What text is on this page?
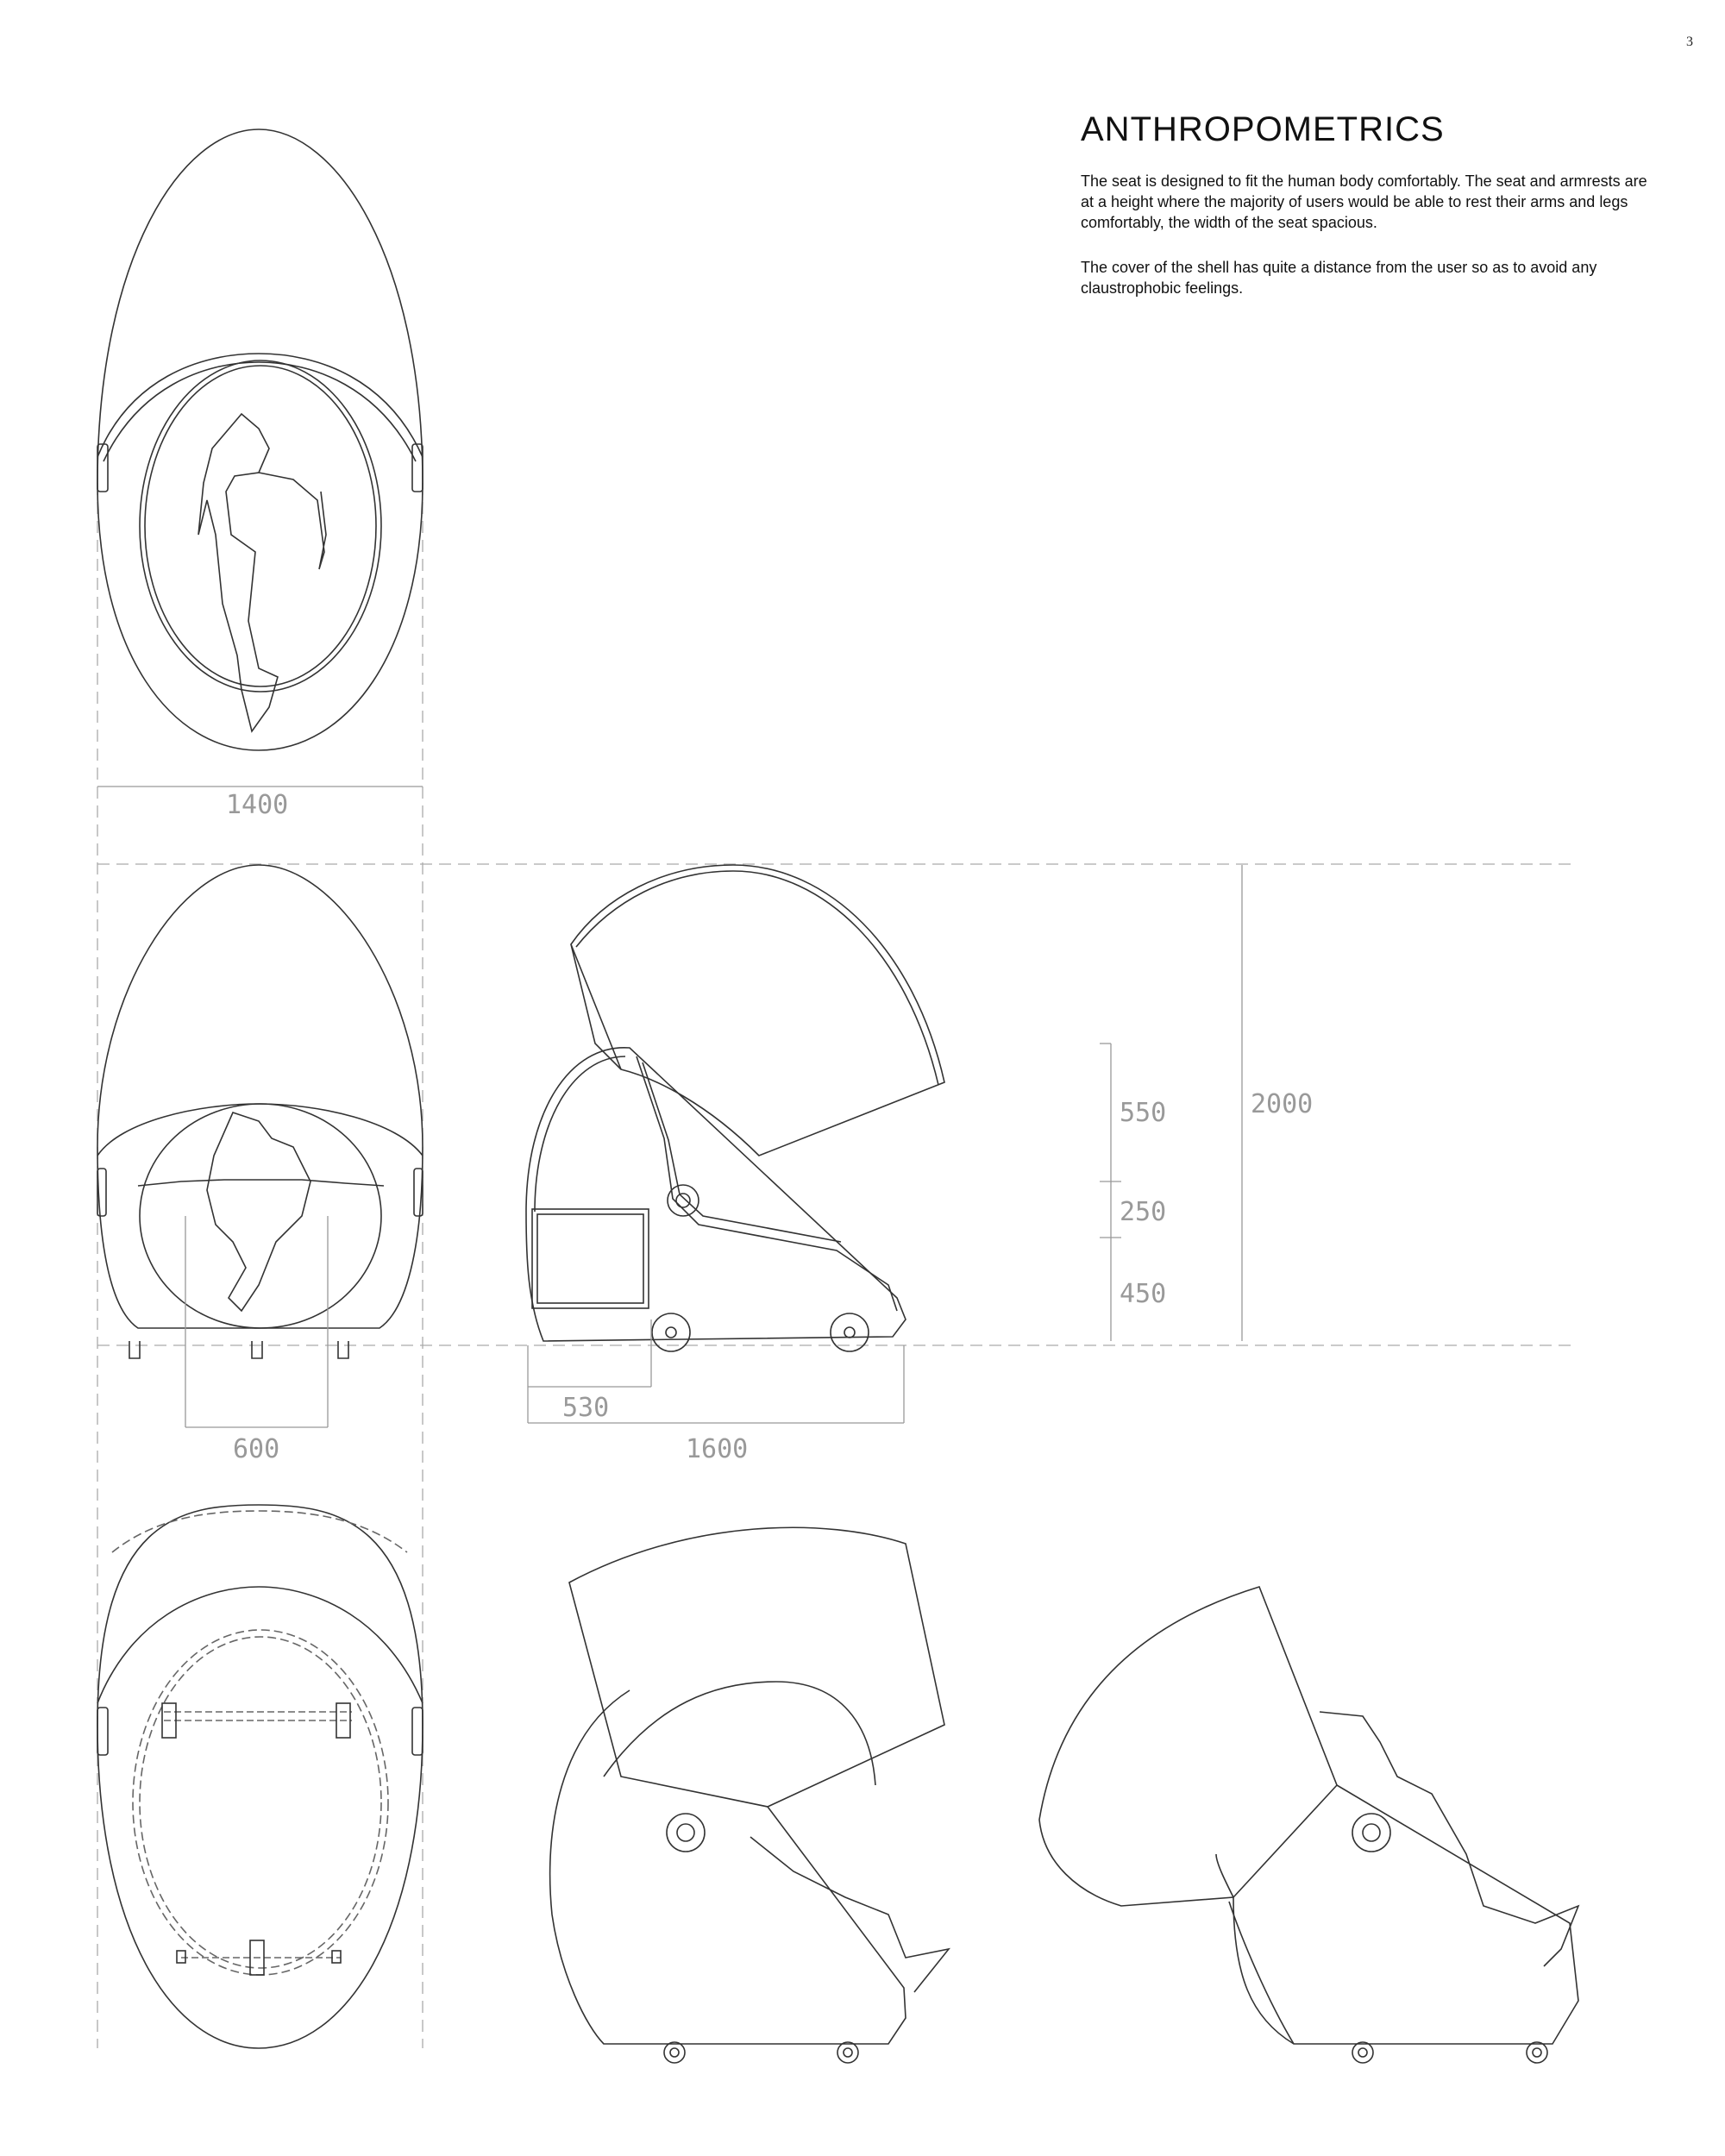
3
ANTHROPOMETRICS

The seat is designed to fit the human body comfortably. The seat and armrests are at a height where the majority of users would be able to rest their arms and legs comfortably, the width of the seat spacious.

The cover of the shell has quite a distance from the user so as to avoid any claustrophobic feelings.

1400
600
530
1600
550
250
450
2000
